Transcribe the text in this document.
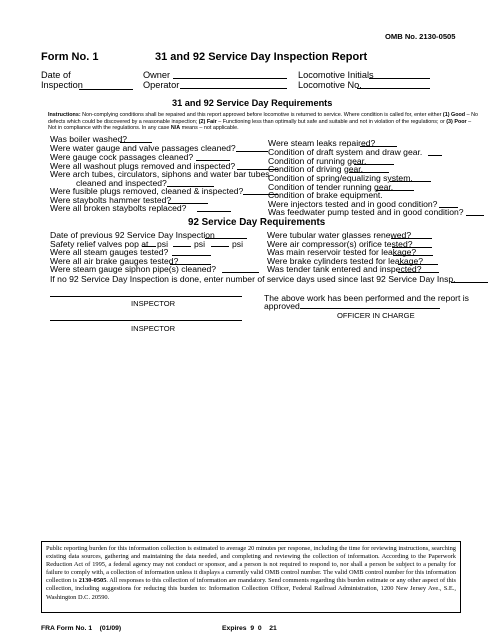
OMB No. 2130-0505
Form No. 1	31 and 92 Service Day Inspection Report
Date of
Inspection
Owner
Operator
Locomotive Initials
Locomotive No.
31 and 92 Service Day Requirements
Instructions: Non-complying conditions shall be repaired and this report approved before locomotive is returned to service. Where condition is called for, enter either (1) Good – No defects which could be discovered by a reasonable inspection; (2) Fair – Functioning less than optimally but safe and suitable and not in violation of the regulations; or (3) Poor – Not in compliance with the regulations. In any case N/A means – not applicable.
Was boiler washed?
Were water gauge and valve passages cleaned?
Were gauge cock passages cleaned?
Were all washout plugs removed and inspected?
Were arch tubes, circulators, siphons and water bar tubes
cleaned and inspected?
Were fusible plugs removed, cleaned & inspected?
Were staybolts hammer tested?
Were all broken staybolts replaced?
Were steam leaks repaired?
Condition of draft system and draw gear.
Condition of running gear.
Condition of driving gear.
Condition of spring/equalizing system.
Condition of tender running gear.
Condition of brake equipment.
Were injectors tested and in good condition?
Was feedwater pump tested and in good condition?
92 Service Day Requirements
Date of previous 92 Service Day Inspection
Safety relief valves pop at psi	psi	psi
Were all steam gauges tested?
Were all air brake gauges tested?
Were steam gauge siphon pipe(s) cleaned?
Were tubular water glasses renewed?
Were air compressor(s) orifice tested?
Was main reservoir tested for leakage?
Were brake cylinders tested for leakage?
Was tender tank entered and inspected?
If no 92 Service Day Inspection is done, enter number of service days used since last 92 Service Day Insp.
INSPECTOR
INSPECTOR
The above work has been performed and the report is
approved.
OFFICER IN CHARGE
Public reporting burden for this information collection is estimated to average 20 minutes per response, including the time for reviewing instructions, searching existing data sources, gathering and maintaining the data needed, and completing and reviewing the collection of information. According to the Paperwork Reduction Act of 1995, a federal agency may not conduct or sponsor, and a person is not required to respond to, nor shall a person be subject to a penalty for failure to comply with, a collection of information unless it displays a currently valid OMB control number. The valid OMB control number for this information collection is 2130-0505. All responses to this collection of information are mandatory. Send comments regarding this burden estimate or any other aspect of this collection, including suggestions for reducing this burden to: Information Collection Officer, Federal Railroad Administration, 1200 New Jersey Ave., S.E., Washington D.C. 20590.
FRA Form No. 1    (01/09)	Expires  9  0    21
